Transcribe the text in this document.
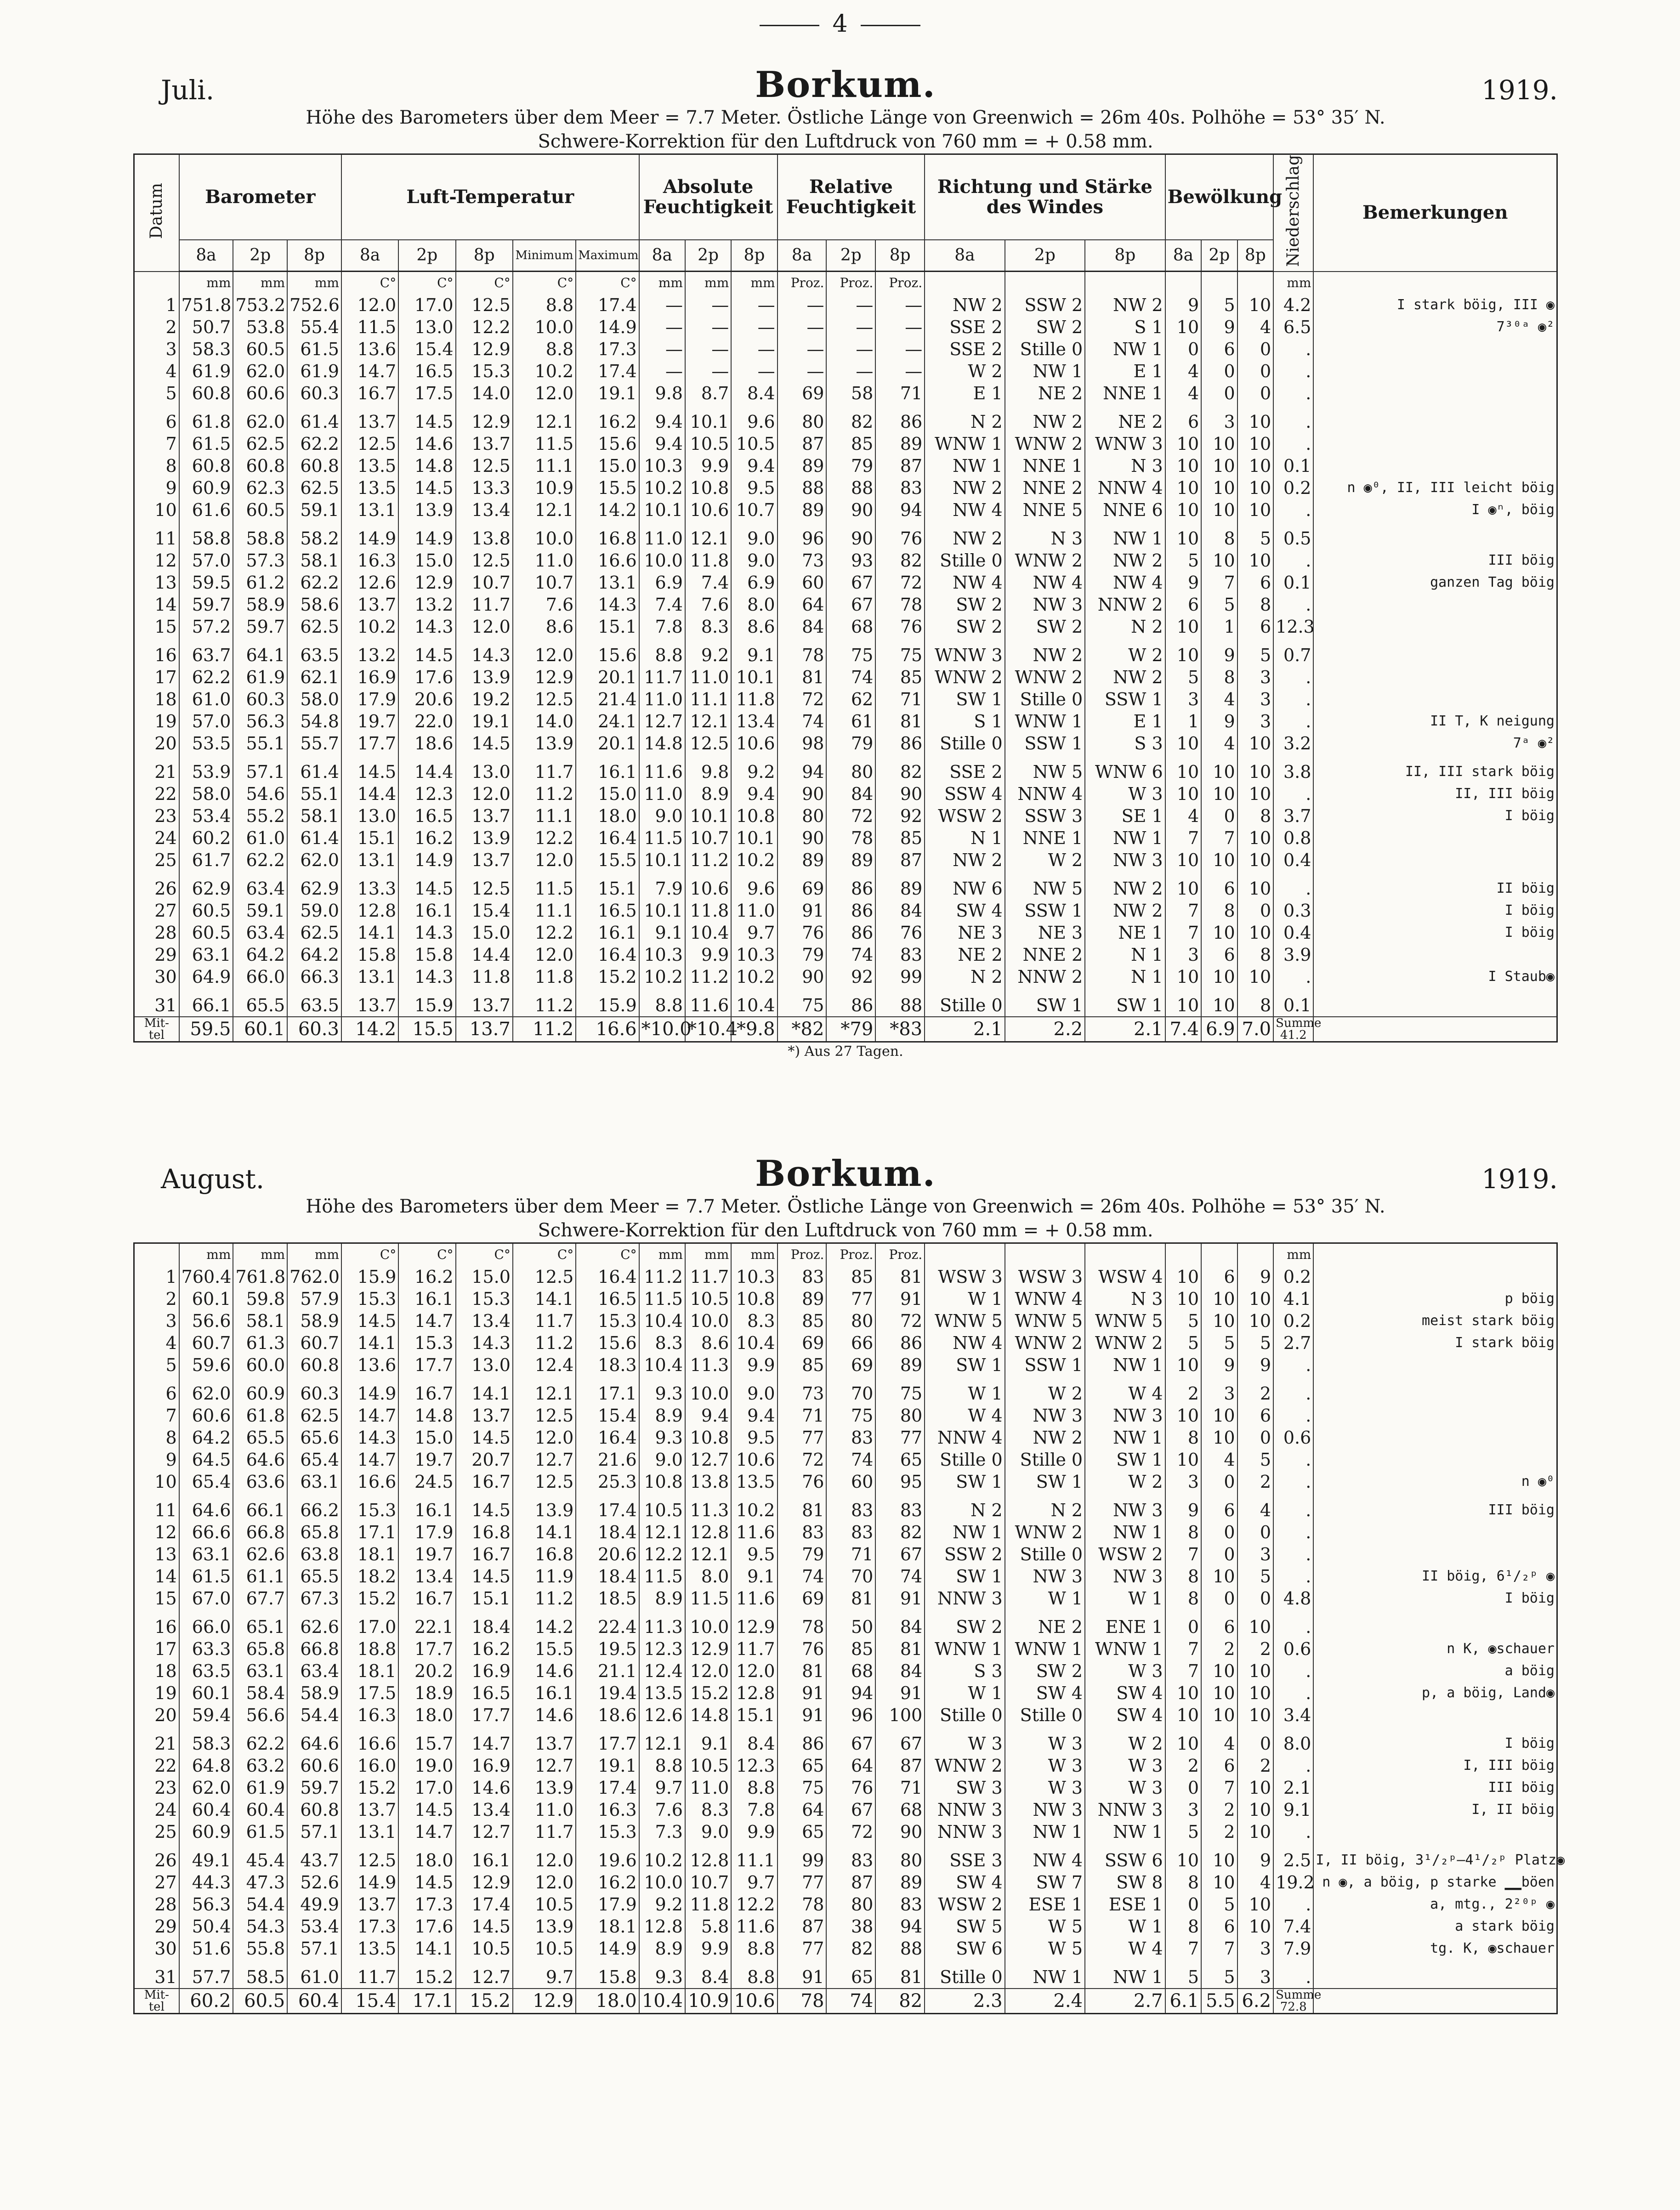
4
Juli.	Borkum.	1919.
Höhe des Barometers über dem Meer = 7.7 Meter. Östliche Länge von Greenwich = 26m 40s. Polhöhe = 53° 35′ N.
Schwere-Korrektion für den Luftdruck von 760 mm = + 0.58 mm.
Datum	Barometer			Luft-Temperatur					Absolute Feuchtigkeit			Relative Feuchtigkeit			Richtung und Stärke des Windes			Bewölkung			Niederschlag	Bemerkungen
	8a	2p	8p	8a	2p	8p	Minimum	Maximum	8a	2p	8p	8a	2p	8p	8a	2p	8p	8a	2p	8p		
	mm	mm	mm	C°	C°	C°	C°	C°	mm	mm	mm	Proz.	Proz.	Proz.							mm	
1	751.8	753.2	752.6	12.0	17.0	12.5	8.8	17.4	—	—	—	—	—	—	NW 2	SSW 2	NW 2	9	5	10	4.2	I stark böig, III ◉
2	50.7	53.8	55.4	11.5	13.0	12.2	10.0	14.9	—	—	—	—	—	—	SSE 2	SW 2	S 1	10	9	4	6.5	7³⁰ᵃ ◉²
3	58.3	60.5	61.5	13.6	15.4	12.9	8.8	17.3	—	—	—	—	—	—	SSE 2	Stille 0	NW 1	0	6	0	.	
4	61.9	62.0	61.9	14.7	16.5	15.3	10.2	17.4	—	—	—	—	—	—	W 2	NW 1	E 1	4	0	0	.	
5	60.8	60.6	60.3	16.7	17.5	14.0	12.0	19.1	9.8	8.7	8.4	69	58	71	E 1	NE 2	NNE 1	4	0	0	.	
6	61.8	62.0	61.4	13.7	14.5	12.9	12.1	16.2	9.4	10.1	9.6	80	82	86	N 2	NW 2	NE 2	6	3	10	.	
7	61.5	62.5	62.2	12.5	14.6	13.7	11.5	15.6	9.4	10.5	10.5	87	85	89	WNW 1	WNW 2	WNW 3	10	10	10	.	
8	60.8	60.8	60.8	13.5	14.8	12.5	11.1	15.0	10.3	9.9	9.4	89	79	87	NW 1	NNE 1	N 3	10	10	10	0.1	
9	60.9	62.3	62.5	13.5	14.5	13.3	10.9	15.5	10.2	10.8	9.5	88	88	83	NW 2	NNE 2	NNW 4	10	10	10	0.2	n ◉⁰, II, III leicht böig
10	61.6	60.5	59.1	13.1	13.9	13.4	12.1	14.2	10.1	10.6	10.7	89	90	94	NW 4	NNE 5	NNE 6	10	10	10	.	I ◉ⁿ, böig
11	58.8	58.8	58.2	14.9	14.9	13.8	10.0	16.8	11.0	12.1	9.0	96	90	76	NW 2	N 3	NW 1	10	8	5	0.5	
12	57.0	57.3	58.1	16.3	15.0	12.5	11.0	16.6	10.0	11.8	9.0	73	93	82	Stille 0	WNW 2	NW 2	5	10	10	.	III böig
13	59.5	61.2	62.2	12.6	12.9	10.7	10.7	13.1	6.9	7.4	6.9	60	67	72	NW 4	NW 4	NW 4	9	7	6	0.1	ganzen Tag böig
14	59.7	58.9	58.6	13.7	13.2	11.7	7.6	14.3	7.4	7.6	8.0	64	67	78	SW 2	NW 3	NNW 2	6	5	8	.	
15	57.2	59.7	62.5	10.2	14.3	12.0	8.6	15.1	7.8	8.3	8.6	84	68	76	SW 2	SW 2	N 2	10	1	6	12.3	
16	63.7	64.1	63.5	13.2	14.5	14.3	12.0	15.6	8.8	9.2	9.1	78	75	75	WNW 3	NW 2	W 2	10	9	5	0.7	
17	62.2	61.9	62.1	16.9	17.6	13.9	12.9	20.1	11.7	11.0	10.1	81	74	85	WNW 2	WNW 2	NW 2	5	8	3	.	
18	61.0	60.3	58.0	17.9	20.6	19.2	12.5	21.4	11.0	11.1	11.8	72	62	71	SW 1	Stille 0	SSW 1	3	4	3	.	
19	57.0	56.3	54.8	19.7	22.0	19.1	14.0	24.1	12.7	12.1	13.4	74	61	81	S 1	WNW 1	E 1	1	9	3	.	II T, K neigung
20	53.5	55.1	55.7	17.7	18.6	14.5	13.9	20.1	14.8	12.5	10.6	98	79	86	Stille 0	SSW 1	S 3	10	4	10	3.2	7ᵃ ◉²
21	53.9	57.1	61.4	14.5	14.4	13.0	11.7	16.1	11.6	9.8	9.2	94	80	82	SSE 2	NW 5	WNW 6	10	10	10	3.8	II, III stark böig
22	58.0	54.6	55.1	14.4	12.3	12.0	11.2	15.0	11.0	8.9	9.4	90	84	90	SSW 4	NNW 4	W 3	10	10	10	.	II, III böig
23	53.4	55.2	58.1	13.0	16.5	13.7	11.1	18.0	9.0	10.1	10.8	80	72	92	WSW 2	SSW 3	SE 1	4	0	8	3.7	I böig
24	60.2	61.0	61.4	15.1	16.2	13.9	12.2	16.4	11.5	10.7	10.1	90	78	85	N 1	NNE 1	NW 1	7	7	10	0.8	
25	61.7	62.2	62.0	13.1	14.9	13.7	12.0	15.5	10.1	11.2	10.2	89	89	87	NW 2	W 2	NW 3	10	10	10	0.4	
26	62.9	63.4	62.9	13.3	14.5	12.5	11.5	15.1	7.9	10.6	9.6	69	86	89	NW 6	NW 5	NW 2	10	6	10	.	II böig
27	60.5	59.1	59.0	12.8	16.1	15.4	11.1	16.5	10.1	11.8	11.0	91	86	84	SW 4	SSW 1	NW 2	7	8	0	0.3	I böig
28	60.5	63.4	62.5	14.1	14.3	15.0	12.2	16.1	9.1	10.4	9.7	76	86	76	NE 3	NE 3	NE 1	7	10	10	0.4	I böig
29	63.1	64.2	64.2	15.8	15.8	14.4	12.0	16.4	10.3	9.9	10.3	79	74	83	NE 2	NNE 2	N 1	3	6	8	3.9	
30	64.9	66.0	66.3	13.1	14.3	11.8	11.8	15.2	10.2	11.2	10.2	90	92	99	N 2	NNW 2	N 1	10	10	10	.	I Staub◉
31	66.1	65.5	63.5	13.7	15.9	13.7	11.2	15.9	8.8	11.6	10.4	75	86	88	Stille 0	SW 1	SW 1	10	10	8	0.1	
Mit-tel	59.5	60.1	60.3	14.2	15.5	13.7	11.2	16.6	*10.0	*10.4	*9.8	*82	*79	*83	2.1	2.2	2.1	7.4	6.9	7.0	Summe 41.2	
*) Aus 27 Tagen.
August.	Borkum.	1919.
Höhe des Barometers über dem Meer = 7.7 Meter. Östliche Länge von Greenwich = 26m 40s. Polhöhe = 53° 35′ N.
Schwere-Korrektion für den Luftdruck von 760 mm = + 0.58 mm.
	mm	mm	mm	C°	C°	C°	C°	C°	mm	mm	mm	Proz.	Proz.	Proz.							mm	
1	760.4	761.8	762.0	15.9	16.2	15.0	12.5	16.4	11.2	11.7	10.3	83	85	81	WSW 3	WSW 3	WSW 4	10	6	9	0.2	
2	60.1	59.8	57.9	15.3	16.1	15.3	14.1	16.5	11.5	10.5	10.8	89	77	91	W 1	WNW 4	N 3	10	10	10	4.1	p böig
3	56.6	58.1	58.9	14.5	14.7	13.4	11.7	15.3	10.4	10.0	8.3	85	80	72	WNW 5	WNW 5	WNW 5	5	10	10	0.2	meist stark böig
4	60.7	61.3	60.7	14.1	15.3	14.3	11.2	15.6	8.3	8.6	10.4	69	66	86	NW 4	WNW 2	WNW 2	5	5	5	2.7	I stark böig
5	59.6	60.0	60.8	13.6	17.7	13.0	12.4	18.3	10.4	11.3	9.9	85	69	89	SW 1	SSW 1	NW 1	10	9	9	.	
6	62.0	60.9	60.3	14.9	16.7	14.1	12.1	17.1	9.3	10.0	9.0	73	70	75	W 1	W 2	W 4	2	3	2	.	
7	60.6	61.8	62.5	14.7	14.8	13.7	12.5	15.4	8.9	9.4	9.4	71	75	80	W 4	NW 3	NW 3	10	10	6	.	
8	64.2	65.5	65.6	14.3	15.0	14.5	12.0	16.4	9.3	10.8	9.5	77	83	77	NNW 4	NW 2	NW 1	8	10	0	0.6	
9	64.5	64.6	65.4	14.7	19.7	20.7	12.7	21.6	9.0	12.7	10.6	72	74	65	Stille 0	Stille 0	SW 1	10	4	5	.	
10	65.4	63.6	63.1	16.6	24.5	16.7	12.5	25.3	10.8	13.8	13.5	76	60	95	SW 1	SW 1	W 2	3	0	2	.	n ◉⁰
11	64.6	66.1	66.2	15.3	16.1	14.5	13.9	17.4	10.5	11.3	10.2	81	83	83	N 2	N 2	NW 3	9	6	4	.	III böig
12	66.6	66.8	65.8	17.1	17.9	16.8	14.1	18.4	12.1	12.8	11.6	83	83	82	NW 1	WNW 2	NW 1	8	0	0	.	
13	63.1	62.6	63.8	18.1	19.7	16.7	16.8	20.6	12.2	12.1	9.5	79	71	67	SSW 2	Stille 0	WSW 2	7	0	3	.	
14	61.5	61.1	65.5	18.2	13.4	14.5	11.9	18.4	11.5	8.0	9.1	74	70	74	SW 1	NW 3	NW 3	8	10	5	.	II böig, 6¹/₂ᵖ ◉
15	67.0	67.7	67.3	15.2	16.7	15.1	11.2	18.5	8.9	11.5	11.6	69	81	91	NNW 3	W 1	W 1	8	0	0	4.8	I böig
16	66.0	65.1	62.6	17.0	22.1	18.4	14.2	22.4	11.3	10.0	12.9	78	50	84	SW 2	NE 2	ENE 1	0	6	10	.	
17	63.3	65.8	66.8	18.8	17.7	16.2	15.5	19.5	12.3	12.9	11.7	76	85	81	WNW 1	WNW 1	WNW 1	7	2	2	0.6	n K, ◉schauer
18	63.5	63.1	63.4	18.1	20.2	16.9	14.6	21.1	12.4	12.0	12.0	81	68	84	S 3	SW 2	W 3	7	10	10	.	a böig
19	60.1	58.4	58.9	17.5	18.9	16.5	16.1	19.4	13.5	15.2	12.8	91	94	91	W 1	SW 4	SW 4	10	10	10	.	p, a böig, Land◉
20	59.4	56.6	54.4	16.3	18.0	17.7	14.6	18.6	12.6	14.8	15.1	91	96	100	Stille 0	Stille 0	SW 4	10	10	10	3.4	
21	58.3	62.2	64.6	16.6	15.7	14.7	13.7	17.7	12.1	9.1	8.4	86	67	67	W 3	W 3	W 2	10	4	0	8.0	I böig
22	64.8	63.2	60.6	16.0	19.0	16.9	12.7	19.1	8.8	10.5	12.3	65	64	87	WNW 2	W 3	W 3	2	6	2	.	I, III böig
23	62.0	61.9	59.7	15.2	17.0	14.6	13.9	17.4	9.7	11.0	8.8	75	76	71	SW 3	W 3	W 3	0	7	10	2.1	III böig
24	60.4	60.4	60.8	13.7	14.5	13.4	11.0	16.3	7.6	8.3	7.8	64	67	68	NNW 3	NW 3	NNW 3	3	2	10	9.1	I, II böig
25	60.9	61.5	57.1	13.1	14.7	12.7	11.7	15.3	7.3	9.0	9.9	65	72	90	NNW 3	NW 1	NW 1	5	2	10	.	
26	49.1	45.4	43.7	12.5	18.0	16.1	12.0	19.6	10.2	12.8	11.1	99	83	80	SSE 3	NW 4	SSW 6	10	10	9	2.5	I, II böig, 3¹/₂ᵖ—4¹/₂ᵖ Platz◉
27	44.3	47.3	52.6	14.9	14.5	12.9	12.0	16.2	10.0	10.7	9.7	77	87	89	SW 4	SW 7	SW 8	8	10	4	19.2	n ◉, a böig, p starke ▁▁böen
28	56.3	54.4	49.9	13.7	17.3	17.4	10.5	17.9	9.2	11.8	12.2	78	80	83	WSW 2	ESE 1	ESE 1	0	5	10	.	a, mtg., 2²⁰ᵖ ◉
29	50.4	54.3	53.4	17.3	17.6	14.5	13.9	18.1	12.8	5.8	11.6	87	38	94	SW 5	W 5	W 1	8	6	10	7.4	a stark böig
30	51.6	55.8	57.1	13.5	14.1	10.5	10.5	14.9	8.9	9.9	8.8	77	82	88	SW 6	W 5	W 4	7	7	3	7.9	tg. K, ◉schauer
31	57.7	58.5	61.0	11.7	15.2	12.7	9.7	15.8	9.3	8.4	8.8	91	65	81	Stille 0	NW 1	NW 1	5	5	3	.	
Mit-tel	60.2	60.5	60.4	15.4	17.1	15.2	12.9	18.0	10.4	10.9	10.6	78	74	82	2.3	2.4	2.7	6.1	5.5	6.2	Summe 72.8	
